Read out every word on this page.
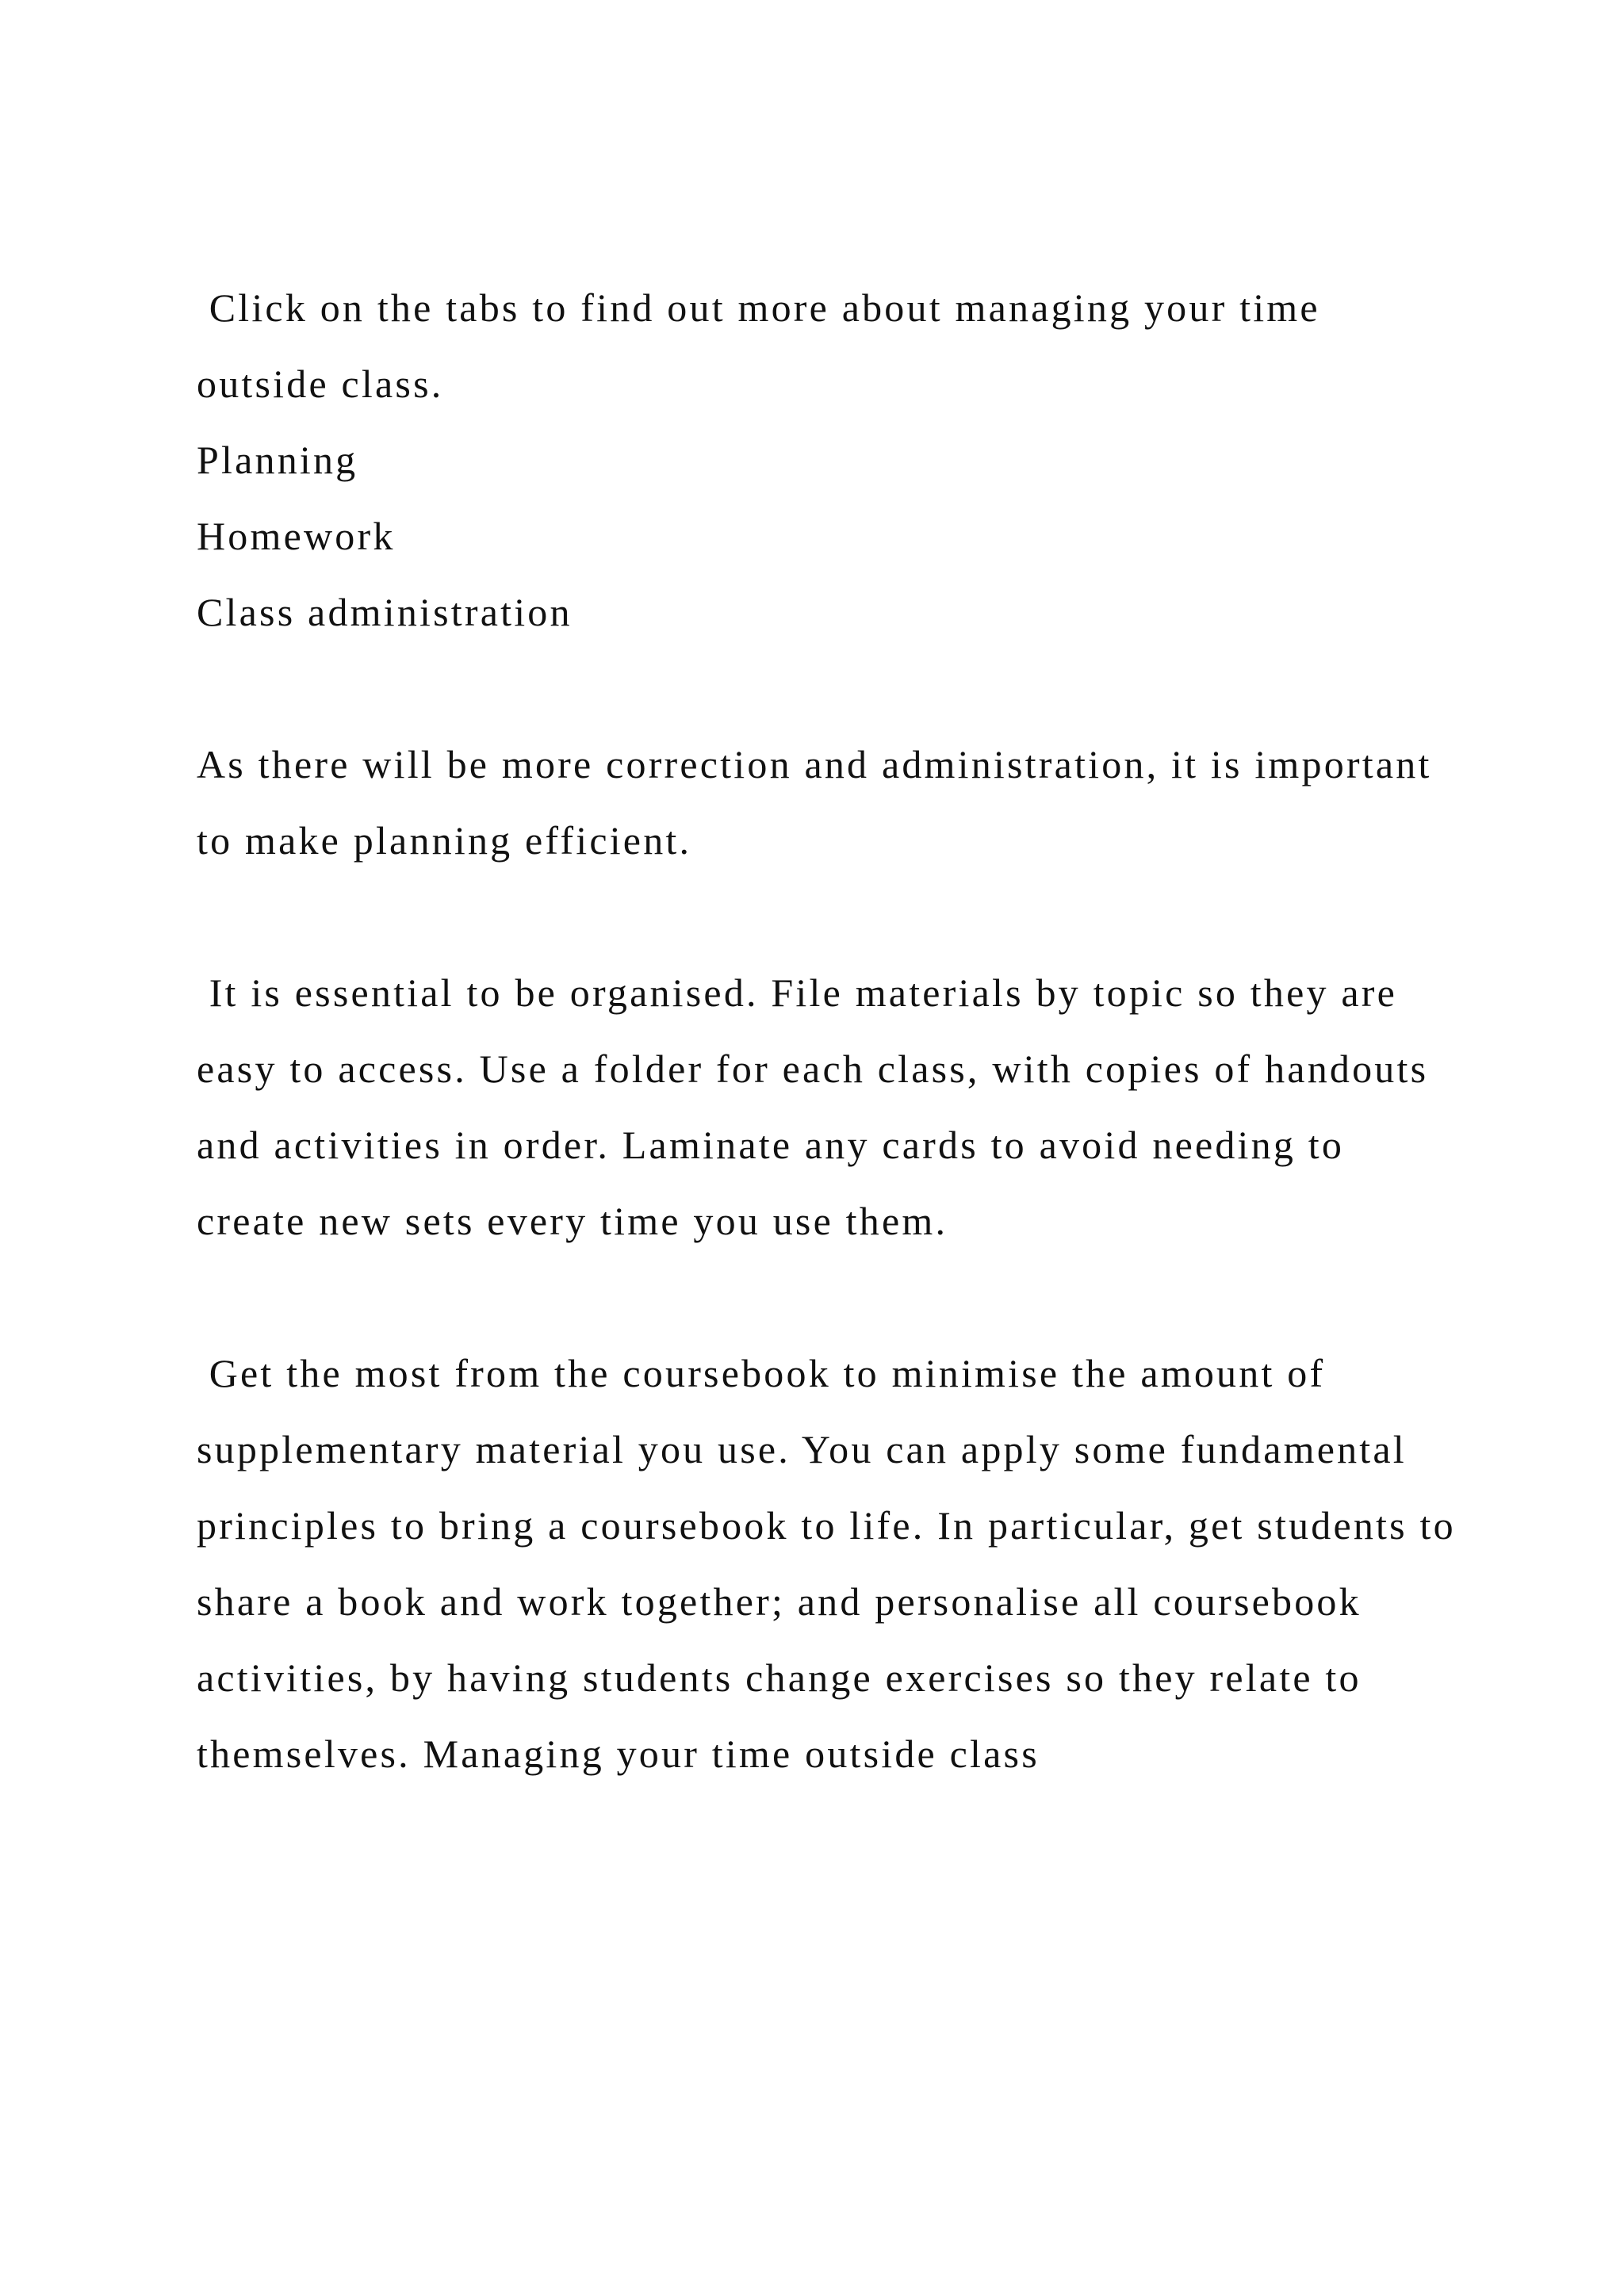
Click on the tabs to find out more about managing your time

outside class.

Planning

Homework

Class administration

As there will be more correction and administration, it is important to make planning efficient.

It is essential to be organised. File materials by topic so they are easy to access. Use a folder for each class, with copies of handouts and activities in order. Laminate any cards to avoid needing to create new sets every time you use them.

Get the most from the coursebook to minimise the amount of supplementary material you use. You can apply some fundamental principles to bring a coursebook to life. In particular, get students to share a book and work together; and personalise all coursebook activities, by having students change exercises so they relate to themselves. Managing your time outside class
